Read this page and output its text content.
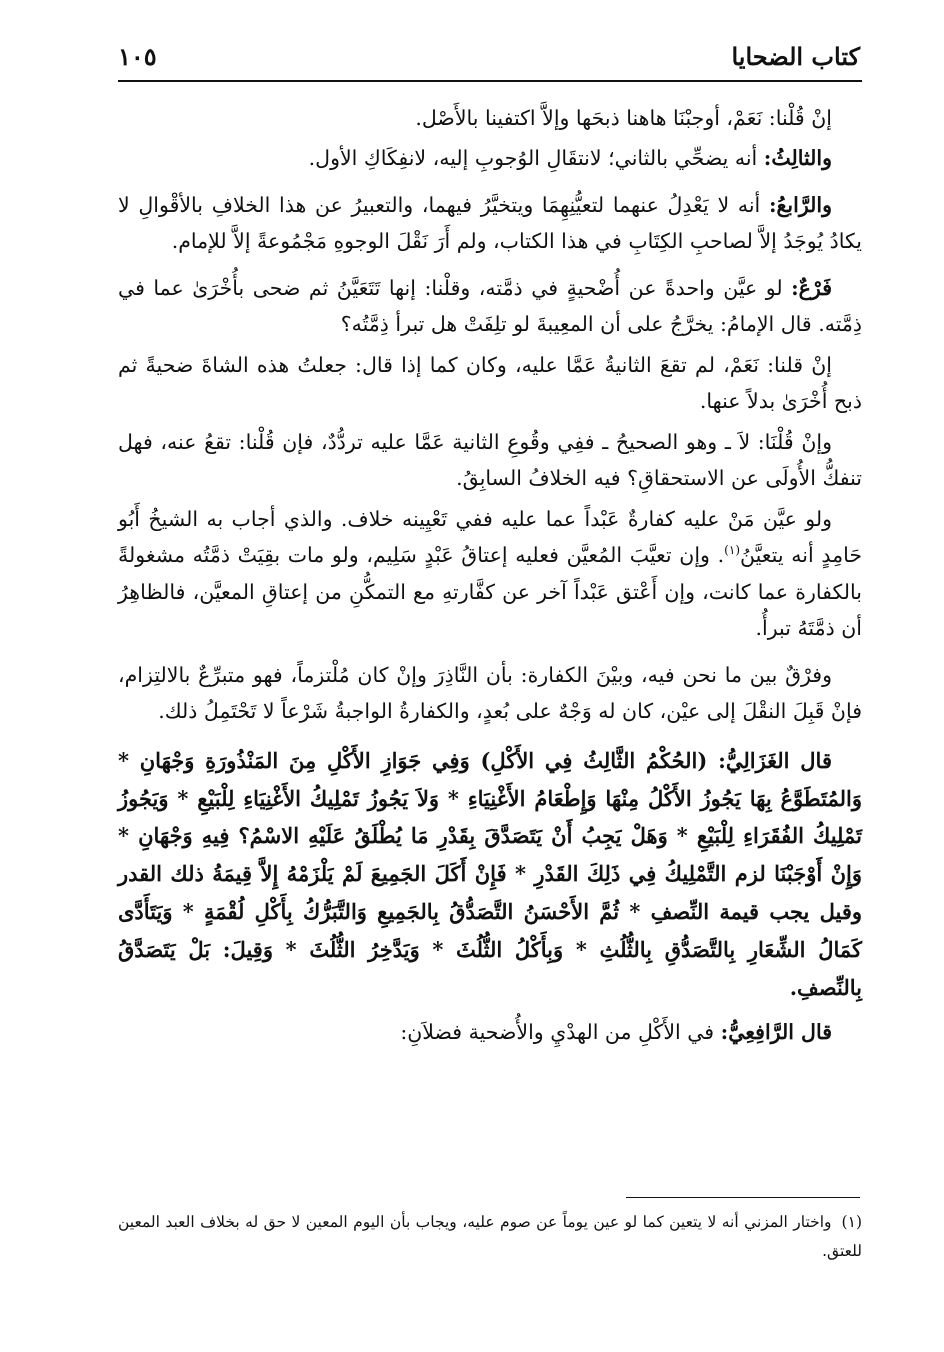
كتاب الضحايا
١٠٥

إنْ قُلْنا: نَعَمْ، أوجبْنَا هاهنا ذبحَها وإلاَّ اكتفينا بالأَصْل.

والثالِثُ: أنه يضحِّي بالثاني؛ لانتقَالِ الوُجوبِ إليه، لانفِكَاكِ الأول.

والرَّابعُ: أنه لا يَعْدِلُ عنهما لتعيُّنِهِمَا ويتخيَّرُ فيهما، والتعبيرُ عن هذا الخلافِ بالأقْوالِ لا يكادُ يُوجَدُ إلاَّ لصاحبِ الكِتَابِ في هذا الكتاب، ولم أَرَ نَقْلَ الوجوهِ مَجْمُوعةً إلاَّ للإمام.

فَرْعٌ: لو عيَّن واحدةً عن أُضْحيةٍ في ذمَّته، وقلْنا: إنها تَتَعَيَّنُ ثم ضحى بأُخْرَىٰ عما في ذِمَّته. قال الإمامُ: يخرَّجُ على أن المعِيبةَ لو تلِفَتْ هل تبرأ ذِمَّتُه؟

إنْ قلنا: نَعَمْ، لم تقعَ الثانيةُ عَمَّا عليه، وكان كما إذا قال: جعلتُ هذه الشاةَ ضحيةً ثم ذبح أُخْرَىٰ بدلاً عنها.

وإنْ قُلْنَا: لاَ ـ وهو الصحيحُ ـ ففِي وقُوعِ الثانية عَمَّا عليه تردُّدٌ، فإن قُلْنا: تقعُ عنه، فهل تنفكُّ الأُولَى عن الاستحقاقِ؟ فيه الخلافُ السابِقُ.

ولو عيَّن مَنْ عليه كفارةٌ عَبْداً عما عليه ففي تَعْيِينه خلاف. والذي أجاب به الشيخُ أَبُو حَامِدٍ أنه يتعيَّنُ$^{(١)}$. وإن تعيَّبَ المُعيَّن فعليه إعتاقُ عَبْدٍ سَلِيم، ولو مات بقِيَتْ ذمَّتُه مشغولةً بالكفارة عما كانت، وإن أَعْتق عَبْداً آخر عن كفَّارتهِ مع التمكُّنِ من إعتاقِ المعيَّن، فالظاهِرُ أن ذمَّتَهُ تبرأُ.

وفرْقٌ بين ما نحن فيه، وبيْنَ الكفارة: بأن النَّاذِرَ وإنْ كان مُلْتزماً، فهو متبرِّعٌ بالالتِزام، فإنْ قَبِلَ النقْلَ إلى عيْن، كان له وَجْهٌ على بُعدٍ، والكفارةُ الواجبةُ شَرْعاً لا تَحْتَمِلُ ذلك.

قال الغَزَالِيُّ: (الحُكْمُ الثَّالِثُ فِي الأَكْلِ) وَفِي جَوَازِ الأَكْلِ مِنَ المَنْذُورَةِ وَجْهَانِ * وَالمُتَطَوَّعُ بِهَا يَجُوزُ الأَكْلُ مِنْهَا وَإِطْعَامُ الأَغْنِيَاءِ * وَلاَ يَجُوزُ تَمْلِيكُ الأَغْنِيَاءِ لِلْبَيْعِ * وَيَجُوزُ تَمْلِيكُ الفُقَرَاءِ لِلْبَيْعِ * وَهَلْ يَجِبُ أَنْ يَتَصَدَّقَ بِقَدْرِ مَا يُطْلَقُ عَلَيْهِ الاسْمُ؟ فِيهِ وَجْهَانِ * وَإِنْ أَوْجَبْنَا لزم التَّمْلِيكُ فِي ذَلِكَ القَدْرِ * فَإِنْ أَكَلَ الجَمِيعَ لَمْ يَلْزَمْهُ إِلاَّ قِيمَةُ ذلك القدر وقيل يجب قيمة النِّصفِ * ثُمَّ الأَحْسَنُ التَّصَدُّقُ بِالجَمِيعِ وَالتَّبَرُّكُ بِأَكْلِ لُقْمَةٍ * وَيَتَأَدَّى كَمَالُ الشِّعَارِ بِالتَّصَدُّقِ بِالثُّلُثِ * وَبِأَكْلُ الثُّلُثَ * وَيَدَّخِرُ الثُّلُثَ * وَقِيلَ: بَلْ يَتَصَدَّقُ بِالنِّصفِ.

قال الرَّافِعِيُّ: في الأَكْلِ من الهدْيِ والأُضحية فضلاَنِ:

(١)واختار المزني أنه لا يتعين كما لو عين يوماً عن صوم عليه، ويجاب بأن اليوم المعين لا حق له بخلاف العبد المعين للعتق.
